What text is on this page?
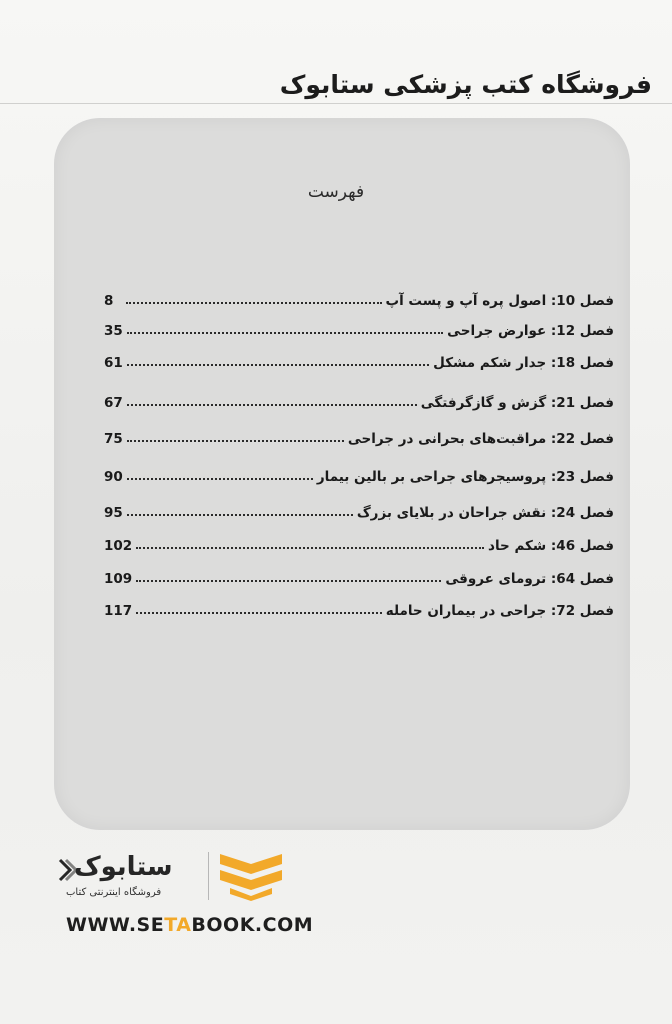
فروشگاه کتب پزشکی ستابوک
فهرست
فصل 10: اصول پره آپ و پست آپ
8
فصل 12: عوارض جراحی
35
فصل 18: جدار شکم مشکل
61
فصل 21: گزش و گازگرفتگی
67
فصل 22: مراقبت‌های بحرانی در جراحی
75
فصل 23: پروسیجرهای جراحی بر بالین بیمار
90
فصل 24: نقش جراحان در بلایای بزرگ
95
فصل 46: شکم حاد
102
فصل 64: ترومای عروقی
109
فصل 72: جراحی در بیماران حامله
117
ستابوک
فروشگاه اینترنتی کتاب
WWW.SETABOOK.COM
